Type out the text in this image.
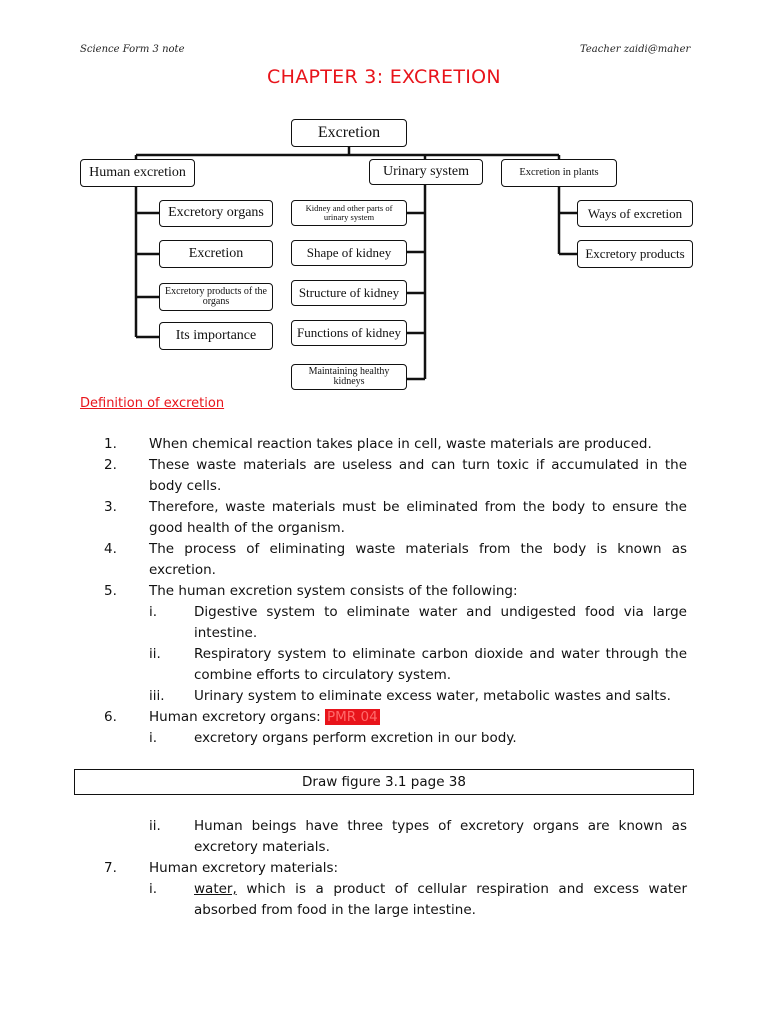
Science Form 3 note	Teacher zaidi@maher
CHAPTER 3: EXCRETION
Excretion
Human excretion	Urinary system	Excretion in plants
Excretory organs
Excretion
Excretory products of the organs
Its importance
Kidney and other parts of urinary system
Shape of kidney
Structure of kidney
Functions of kidney
Maintaining healthy kidneys
Ways of excretion
Excretory products
Definition of excretion
1.	When chemical reaction takes place in cell, waste materials are produced.
2.	These waste materials are useless and can turn toxic if accumulated in the body cells.
3.	Therefore, waste materials must be eliminated from the body to ensure the good health of the organism.
4.	The process of eliminating waste materials from the body is known as excretion.
5.	The human excretion system consists of the following:
i.	Digestive system to eliminate water and undigested food via large intestine.
ii. Respiratory system to eliminate carbon dioxide and water through the combine efforts to circulatory system.
iii. Urinary system to eliminate excess water, metabolic wastes and salts.
6.	Human excretory organs: PMR 04
i.	excretory organs perform excretion in our body.
Draw figure 3.1 page 38
ii. Human beings have three types of excretory organs are known as excretory materials.
7.	Human excretory materials:
i.	water, which is a product of cellular respiration and excess water absorbed from food in the large intestine.
